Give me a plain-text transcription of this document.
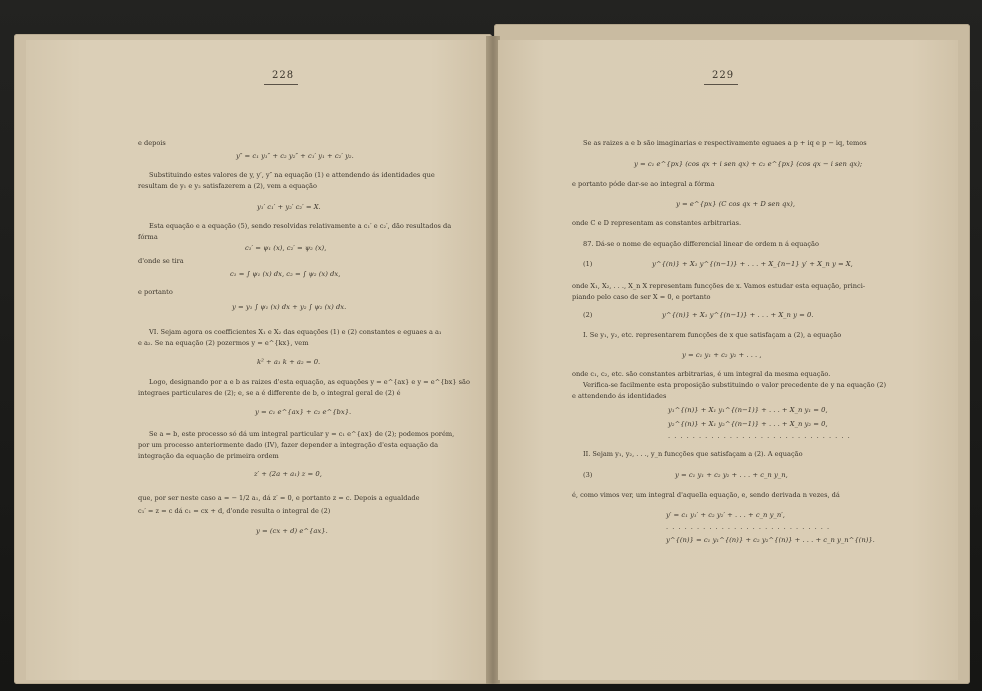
228
e depois
y″ = c₁ y₁″ + c₂ y₂″ + c₁′ y₁ + c₂′ y₂.
Substituindo estes valores de y, y′, y″ na equação (1) e attendendo ás identidades que
resultam de y₁ e y₂ satisfazerem a (2), vem a equação
y₁′ c₁′ + y₂′ c₂′ = X.
Esta equação e a equação (5), sendo resolvidas relativamente a c₁′ e c₂′, dão resultados da
fórma
c₁′ = ψ₁ (x), c₂′ = ψ₂ (x),
d'onde se tira
c₁ = ∫ ψ₁ (x) dx, c₂ = ∫ ψ₂ (x) dx,
e portanto
y = y₁ ∫ ψ₁ (x) dx + y₂ ∫ ψ₂ (x) dx.
VI. Sejam agora os coefficientes X₁ e X₂ das equações (1) e (2) constantes e eguaes a a₁
e a₂. Se na equação (2) pozermos y = e^{kx}, vem
k² + a₁ k + a₂ = 0.
Logo, designando por a e b as raizes d'esta equação, as equações y = e^{ax} e y = e^{bx} são
integraes particulares de (2); e, se a é differente de b, o integral geral de (2) é
y = c₁ e^{ax} + c₂ e^{bx}.
Se a = b, este processo só dá um integral particular y = c₁ e^{ax} de (2); podemos porém,
por um processo anteriormente dado (IV), fazer depender a integração d'esta equação da
integração da equação de primeira ordem
z′ + (2a + a₁) z = 0,
que, por ser neste caso a = − 1/2 a₁, dá z′ = 0, e portanto z = c. Depois a egualdade
c₁′ = z = c dá c₁ = cx + d, d'onde resulta o integral de (2)
y = (cx + d) e^{ax}.
229
Se as raizes a e b são imaginarias e respectivamente eguaes a p + iq e p − iq, temos
y = c₁ e^{px} (cos qx + i sen qx) + c₂ e^{px} (cos qx − i sen qx);
e portanto póde dar-se ao integral a fórma
y = e^{px} (C cos qx + D sen qx),
onde C e D representam as constantes arbitrarias.
87. Dá-se o nome de equação differencial linear de ordem n á equação
(1)	y^{(n)} + X₁ y^{(n−1)} + . . . + X_{n−1} y′ + X_n y = X,
onde X₁, X₂, . . ., X_n X representam funcções de x. Vamos estudar esta equação, princi-
piando pelo caso de ser X = 0, e portanto
(2)	y^{(n)} + X₁ y^{(n−1)} + . . . + X_n y = 0.
I. Se y₁, y₂, etc. representarem funcções de x que satisfaçam a (2), a equação
y = c₁ y₁ + c₂ y₂ + . . . ,
onde c₁, c₂, etc. são constantes arbitrarias, é um integral da mesma equação.
Verifica-se facilmente esta proposição substituindo o valor precedente de y na equação (2)
e attendendo ás identidades
y₁^{(n)} + X₁ y₁^{(n−1)} + . . . + X_n y₁ = 0,
y₂^{(n)} + X₁ y₂^{(n−1)} + . . . + X_n y₂ = 0,
. . . . . . . . . . . . . . . . . . . . . . . . . . . . . .
II. Sejam y₁, y₂, . . ., y_n funcções que satisfaçam a (2). A equação
(3)	y = c₁ y₁ + c₂ y₂ + . . . + c_n y_n,
é, como vimos ver, um integral d'aquella equação, e, sendo derivada n vezes, dá
y′ = c₁ y₁′ + c₂ y₂′ + . . . + c_n y_n′,
. . . . . . . . . . . . . . . . . . . . . . . . . . .
y^{(n)} = c₁ y₁^{(n)} + c₂ y₂^{(n)} + . . . + c_n y_n^{(n)}.
